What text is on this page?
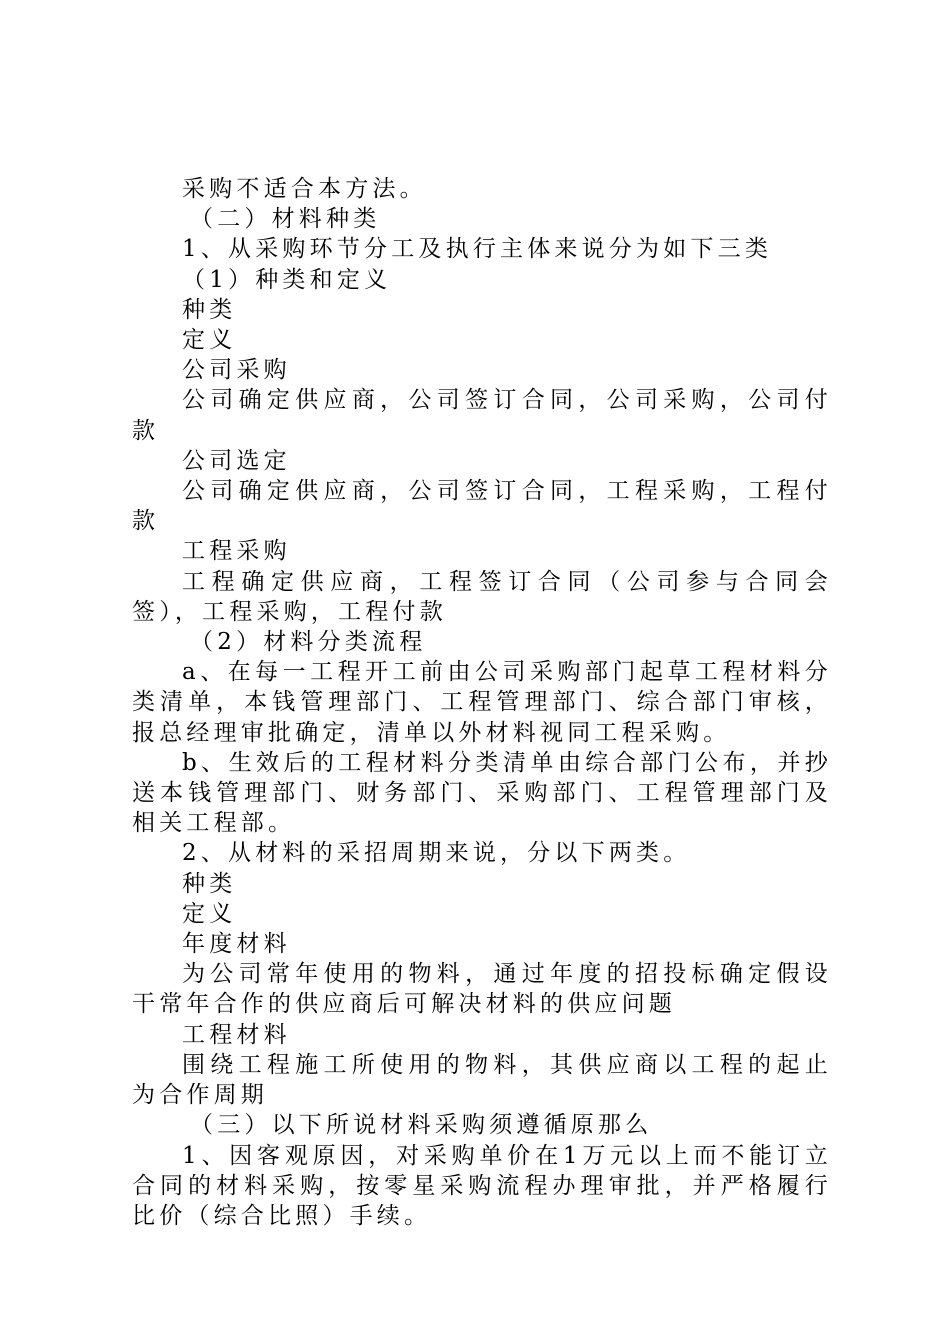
采购不适合本方法。

（二）材料种类

1、从采购环节分工及执行主体来说分为如下三类

（1）种类和定义

种类

定义

公司采购

公司确定供应商，公司签订合同，公司采购，公司付款

公司选定

公司确定供应商，公司签订合同，工程采购，工程付款

工程采购

工程确定供应商，工程签订合同（公司参与合同会签），工程采购，工程付款

（2）材料分类流程

a、在每一工程开工前由公司采购部门起草工程材料分类清单，本钱管理部门、工程管理部门、综合部门审核，报总经理审批确定，清单以外材料视同工程采购。

b、生效后的工程材料分类清单由综合部门公布，并抄送本钱管理部门、财务部门、采购部门、工程管理部门及相关工程部。

2、从材料的采招周期来说，分以下两类。

种类

定义

年度材料

为公司常年使用的物料，通过年度的招投标确定假设干常年合作的供应商后可解决材料的供应问题

工程材料

围绕工程施工所使用的物料，其供应商以工程的起止为合作周期

（三）以下所说材料采购须遵循原那么

1、因客观原因，对采购单价在1万元以上而不能订立合同的材料采购，按零星采购流程办理审批，并严格履行比价（综合比照）手续。
